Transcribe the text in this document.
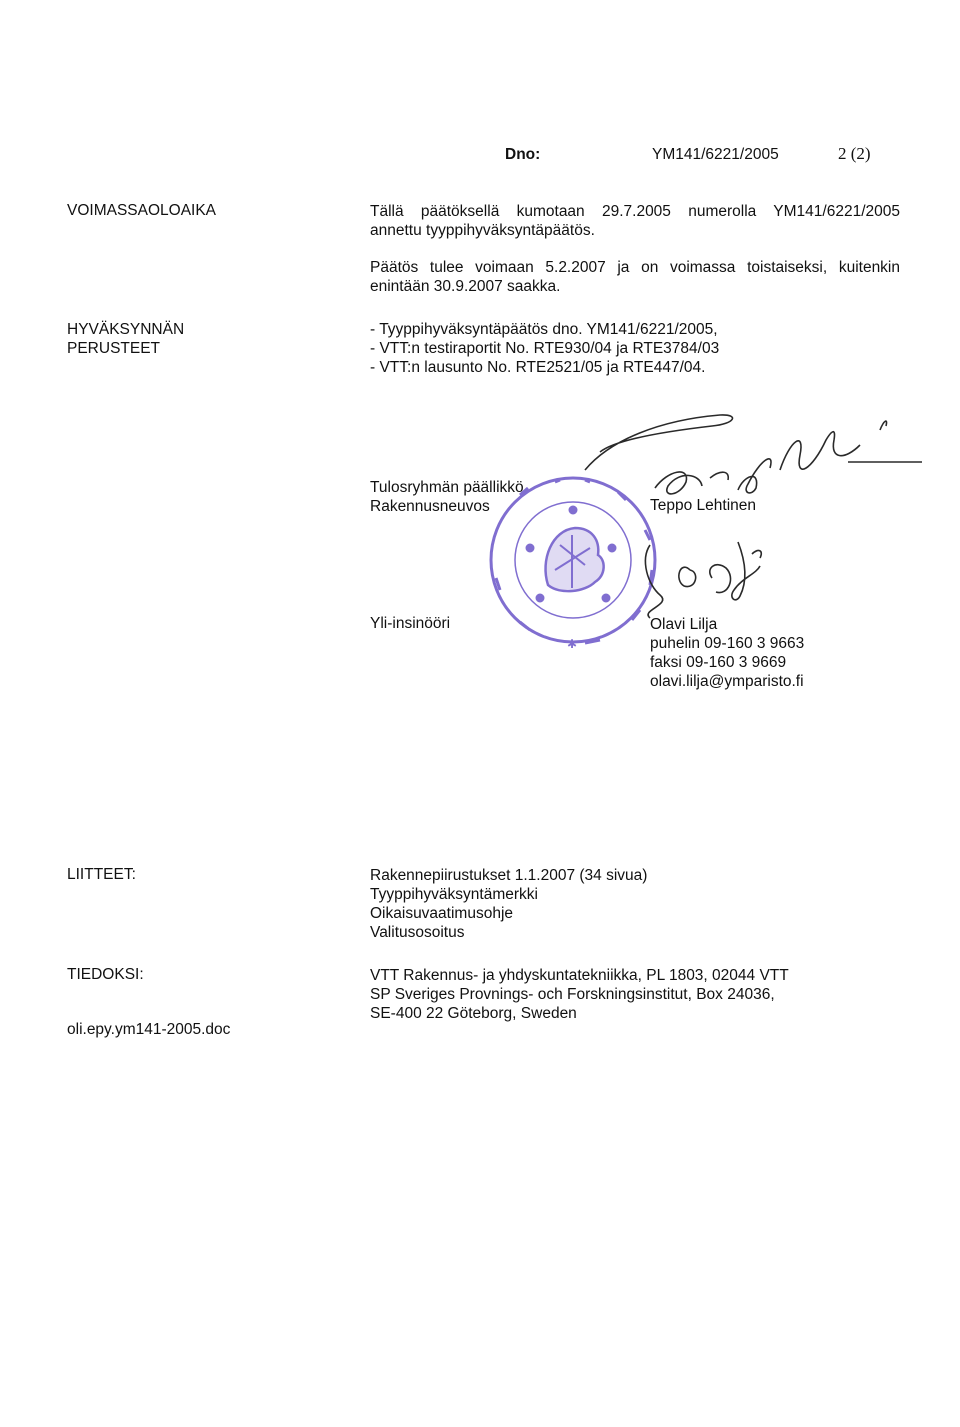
Dno:	YM141/6221/2005	2 (2)
VOIMASSAOLOAIKA	Tällä päätöksellä kumotaan 29.7.2005 numerolla YM141/6221/2005
annettu tyyppihyväksyntäpäätös.
Päätös tulee voimaan 5.2.2007 ja on voimassa toistaiseksi, kuitenkin
enintään 30.9.2007 saakka.
HYVÄKSYNNÄN
PERUSTEET
- Tyyppihyväksyntäpäätös dno. YM141/6221/2005,
- VTT:n testiraportit No. RTE930/04 ja RTE3784/03
- VTT:n lausunto No. RTE2521/05 ja RTE447/04.
✱
Tulosryhmän päällikkö
Rakennusneuvos	Teppo Lehtinen
Yli-insinööri	Olavi Lilja
puhelin 09-160 3 9663
faksi 09-160 3 9669
olavi.lilja@ymparisto.fi
LIITTEET:	Rakennepiirustukset 1.1.2007 (34 sivua)
Tyyppihyväksyntämerkki
Oikaisuvaatimusohje
Valitusosoitus
TIEDOKSI:	VTT Rakennus- ja yhdyskuntatekniikka, PL 1803, 02044 VTT
SP Sveriges Provnings- och Forskningsinstitut, Box 24036,
SE-400 22 Göteborg, Sweden
oli.epy.ym141-2005.doc
